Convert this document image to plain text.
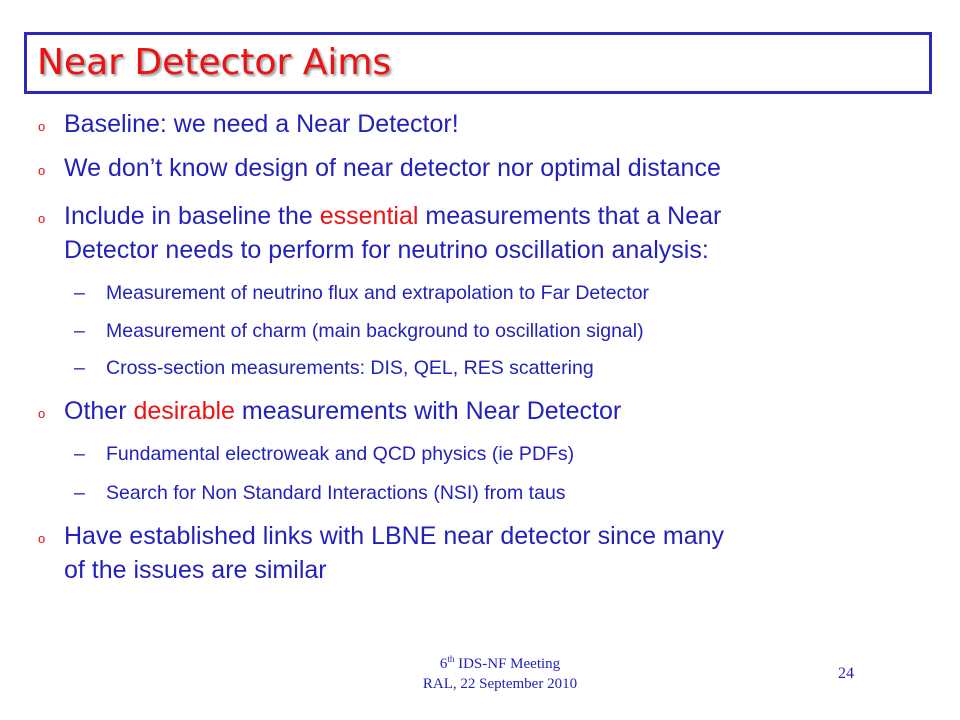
Near Detector Aims
o Baseline: we need a Near Detector!
o We don’t know design of near detector nor optimal distance
o Include in baseline the essential measurements that a Near
Detector needs to perform for neutrino oscillation analysis:
– Measurement of neutrino flux and extrapolation to Far Detector
– Measurement of charm (main background to oscillation signal)
– Cross-section measurements: DIS, QEL, RES scattering
o Other desirable measurements with Near Detector
– Fundamental electroweak and QCD physics (ie PDFs)
– Search for Non Standard Interactions (NSI) from taus
o Have established links with LBNE near detector since many
of the issues are similar
6th IDS-NF Meeting
RAL, 22 September 2010
24
